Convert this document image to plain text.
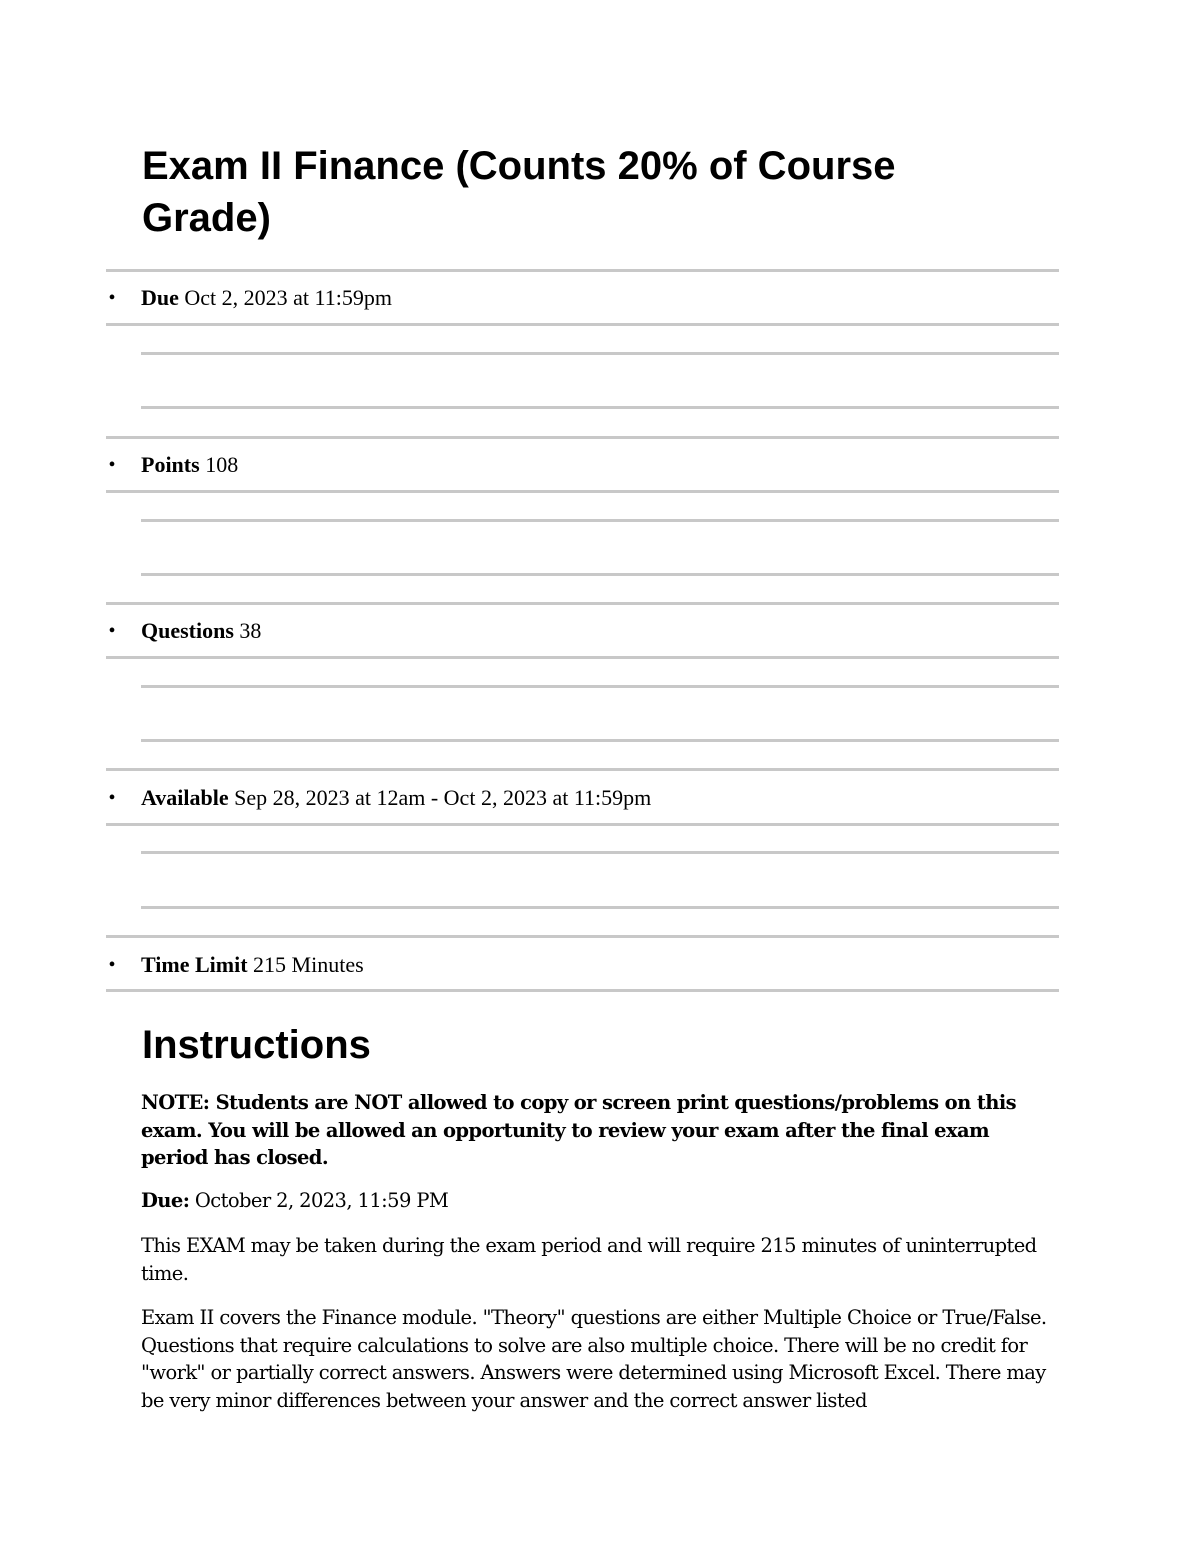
Exam II Finance (Counts 20% of Course Grade)
• Due Oct 2, 2023 at 11:59pm
• Points 108
• Questions 38
• Available Sep 28, 2023 at 12am - Oct 2, 2023 at 11:59pm
• Time Limit 215 Minutes
Instructions

NOTE: Students are NOT allowed to copy or screen print questions/problems on this exam. You will be allowed an opportunity to review your exam after the final exam period has closed.

Due: October 2, 2023, 11:59 PM

This EXAM may be taken during the exam period and will require 215 minutes of uninterrupted time.

Exam II covers the Finance module. "Theory" questions are either Multiple Choice or True/False. Questions that require calculations to solve are also multiple choice. There will be no credit for "work" or partially correct answers. Answers were determined using Microsoft Excel. There may be very minor differences between your answer and the correct answer listed
